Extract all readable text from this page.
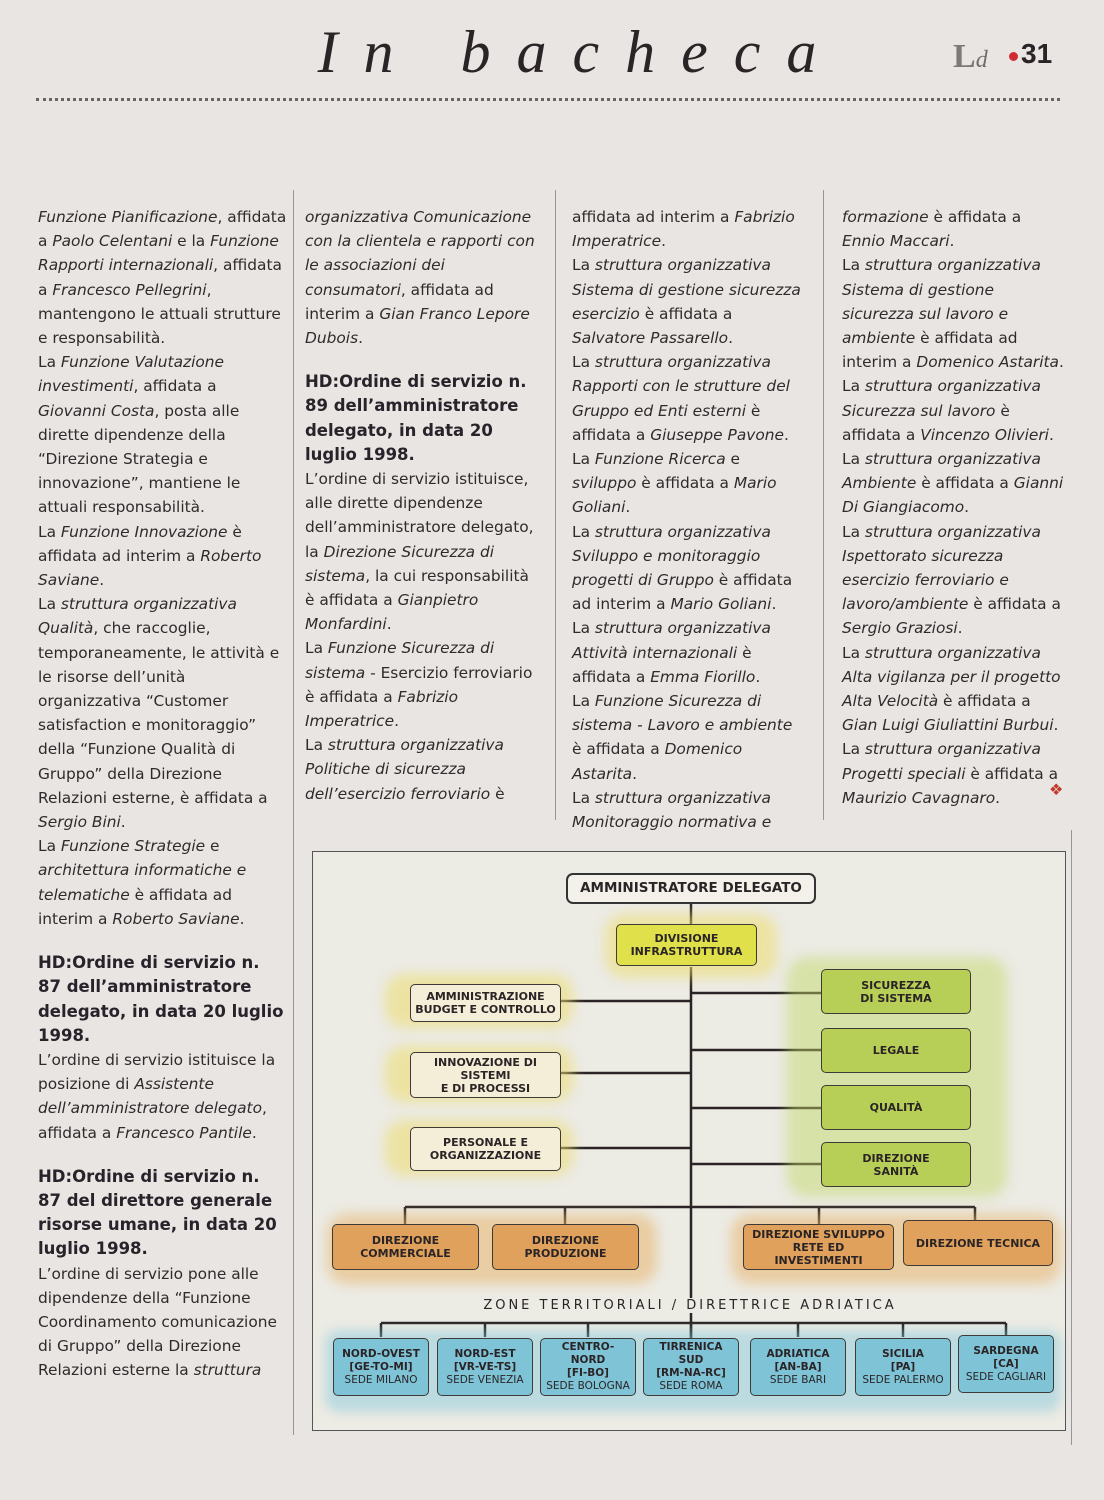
In bacheca	Ld 31

Funzione Pianificazione, affidata a Paolo Celentani e la Funzione Rapporti internazionali, affidata a Francesco Pellegrini, mantengono le attuali strutture e responsabilità.

La Funzione Valutazione investimenti, affidata a Giovanni Costa, posta alle dirette dipendenze della “Direzione Strategia e innovazione”, mantiene le attuali responsabilità.

La Funzione Innovazione è affidata ad interim a Roberto Saviane.

La struttura organizzativa Qualità, che raccoglie, temporaneamente, le attività e le risorse dell’unità organizzativa “Customer satisfaction e monitoraggio” della “Funzione Qualità di Gruppo” della Direzione Relazioni esterne, è affidata a Sergio Bini.

La Funzione Strategie e architettura informatiche e telematiche è affidata ad interim a Roberto Saviane.

HD:Ordine di servizio n. 87 dell’amministratore delegato, in data 20 luglio 1998.

L’ordine di servizio istituisce la posizione di Assistente dell’amministratore delegato, affidata a Francesco Pantile.

HD:Ordine di servizio n. 87 del direttore generale risorse umane, in data 20 luglio 1998.

L’ordine di servizio pone alle dipendenze della “Funzione Coordinamento comunicazione di Gruppo” della Direzione Relazioni esterne la struttura

organizzativa Comunicazione con la clientela e rapporti con le associazioni dei consumatori, affidata ad interim a Gian Franco Lepore Dubois.

HD:Ordine di servizio n. 89 dell’amministratore delegato, in data 20 luglio 1998.

L’ordine di servizio istituisce, alle dirette dipendenze dell’amministratore delegato, la Direzione Sicurezza di sistema, la cui responsabilità è affidata a Gianpietro Monfardini.

La Funzione Sicurezza di sistema - Esercizio ferroviario è affidata a Fabrizio Imperatrice.

La struttura organizzativa Politiche di sicurezza dell’esercizio ferroviario è

affidata ad interim a Fabrizio Imperatrice.

La struttura organizzativa Sistema di gestione sicurezza esercizio è affidata a Salvatore Passarello.

La struttura organizzativa Rapporti con le strutture del Gruppo ed Enti esterni è affidata a Giuseppe Pavone.

La Funzione Ricerca e sviluppo è affidata a Mario Goliani.

La struttura organizzativa Sviluppo e monitoraggio progetti di Gruppo è affidata ad interim a Mario Goliani.

La struttura organizzativa Attività internazionali è affidata a Emma Fiorillo.

La Funzione Sicurezza di sistema - Lavoro e ambiente è affidata a Domenico Astarita.

La struttura organizzativa Monitoraggio normativa e

formazione è affidata a Ennio Maccari.

La struttura organizzativa Sistema di gestione sicurezza sul lavoro e ambiente è affidata ad interim a Domenico Astarita.

La struttura organizzativa Sicurezza sul lavoro è affidata a Vincenzo Olivieri.

La struttura organizzativa Ambiente è affidata a Gianni Di Giangiacomo.

La struttura organizzativa Ispettorato sicurezza esercizio ferroviario e lavoro/ambiente è affidata a Sergio Graziosi.

La struttura organizzativa Alta vigilanza per il progetto Alta Velocità è affidata a Gian Luigi Giuliattini Burbui.

La struttura organizzativa Progetti speciali è affidata a Maurizio Cavagnaro.	❖
AMMINISTRATORE DELEGATO
DIVISIONE
INFRASTRUTTURA
AMMINISTRAZIONE
BUDGET E CONTROLLO
INNOVAZIONE DI
SISTEMI
E DI PROCESSI
PERSONALE E
ORGANIZZAZIONE
SICUREZZA
DI SISTEMA
LEGALE
QUALITÀ
DIREZIONE
SANITÀ
DIREZIONE
COMMERCIALE
DIREZIONE
PRODUZIONE
DIREZIONE SVILUPPO
RETE ED INVESTIMENTI
DIREZIONE TECNICA
ZONE TERRITORIALI / DIRETTRICE ADRIATICA
NORD-OVEST
[GE-TO-MI]
SEDE MILANO
NORD-EST
[VR-VE-TS]
SEDE VENEZIA
CENTRO-NORD
[FI-BO]
SEDE BOLOGNA
TIRRENICA SUD
[RM-NA-RC]
SEDE ROMA
ADRIATICA
[AN-BA]
SEDE BARI
SICILIA
[PA]
SEDE PALERMO
SARDEGNA
[CA]
SEDE CAGLIARI
